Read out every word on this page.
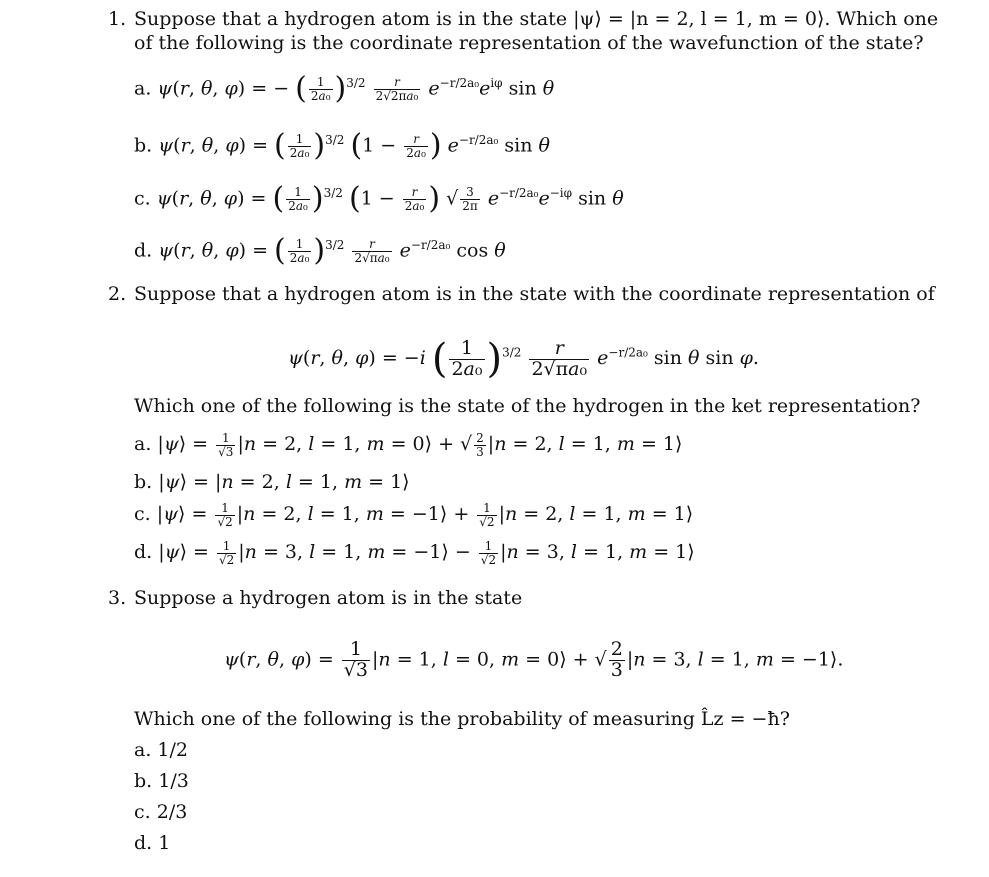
1. Suppose that a hydrogen atom is in the state |ψ⟩ = |n = 2, l = 1, m = 0⟩. Which one
of the following is the coordinate representation of the wavefunction of the state?
a. ψ(r, θ, φ) = − ( $\frac{1}{\text{2a₀}} )^{3/2} \frac{r}{\text{2√2πa₀}} e^{-r/2a_0}e^{i\varphi}$ sin θ
b. ψ(r, θ, φ) = ( $\frac{1}{\text{2a₀}} )^{3/2}$ ($1 - \frac{r}{\text{2a₀}}$ ) $e^{-r/2a_0}$ sin θ
c. ψ(r, θ, φ) = ( $\frac{1}{\text{2a₀}} )^{3/2}$ ($1 - \frac{r}{\text{2a₀}}$ ) √ $\frac{3}{2\pi} e^{-r/2a_0}e^{-i\varphi}$ sin θ
d. ψ(r, θ, φ) = ( $\frac{1}{\text{2a₀}} )^{3/2} \frac{r}{\text{2√πa₀}} e^{-r/2a_0}$ cos θ
2. Suppose that a hydrogen atom is in the state with the coordinate representation of
ψ(r, θ, φ) = −i ( $\frac{1}{\text{2a₀}} )^{3/2} \frac{r}{\text{2√πa₀}} e^{-r/2a_0}$ sin θ sin φ.
Which one of the following is the state of the hydrogen in the ket representation?
a. |ψ⟩ = $\frac{1}{√3} |n = 2$, l = 1, m = 0⟩ + √ $\frac{2}{3} |n = 2$, l = 1, m = 1⟩
b. |ψ⟩ = |n = 2, l = 1, m = 1⟩
c. |ψ⟩ = $\frac{1}{√2} |n = 2$, l = 1, m = −1⟩ + $\frac{1}{√2} |n = 2$, l = 1, m = 1⟩
d. |ψ⟩ = $\frac{1}{√2} |n = 3$, l = 1, m = −1⟩ − $\frac{1}{√2} |n = 3$, l = 1, m = 1⟩
3. Suppose a hydrogen atom is in the state
ψ(r, θ, $\varphi) = \frac{1}{√3} |n = 1$, l = 0, m = 0⟩ + √ $\frac{2}{3} |n = 3$, l = 1, m = −1⟩.
Which one of the following is the probability of measuring L̂z = −ħ?
a. 1/2
b. 1/3
c. 2/3
d. 1
